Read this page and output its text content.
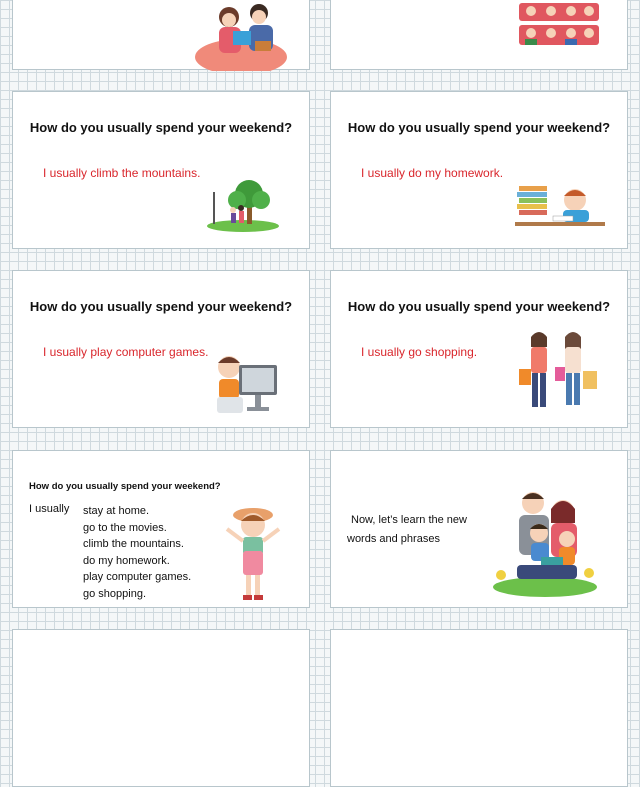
How do you usually spend your weekend?
I usually climb the mountains.
How do you usually spend your weekend?
I usually do my homework.
How do you usually spend your weekend?
I usually play computer games.
How do you usually spend your weekend?
I usually go shopping.
How do you usually spend your weekend?
I usually stay at home.
go to the movies.
climb the mountains.
do my homework.
play computer games.
go shopping.
Now, let’s learn the new
words and phrases
